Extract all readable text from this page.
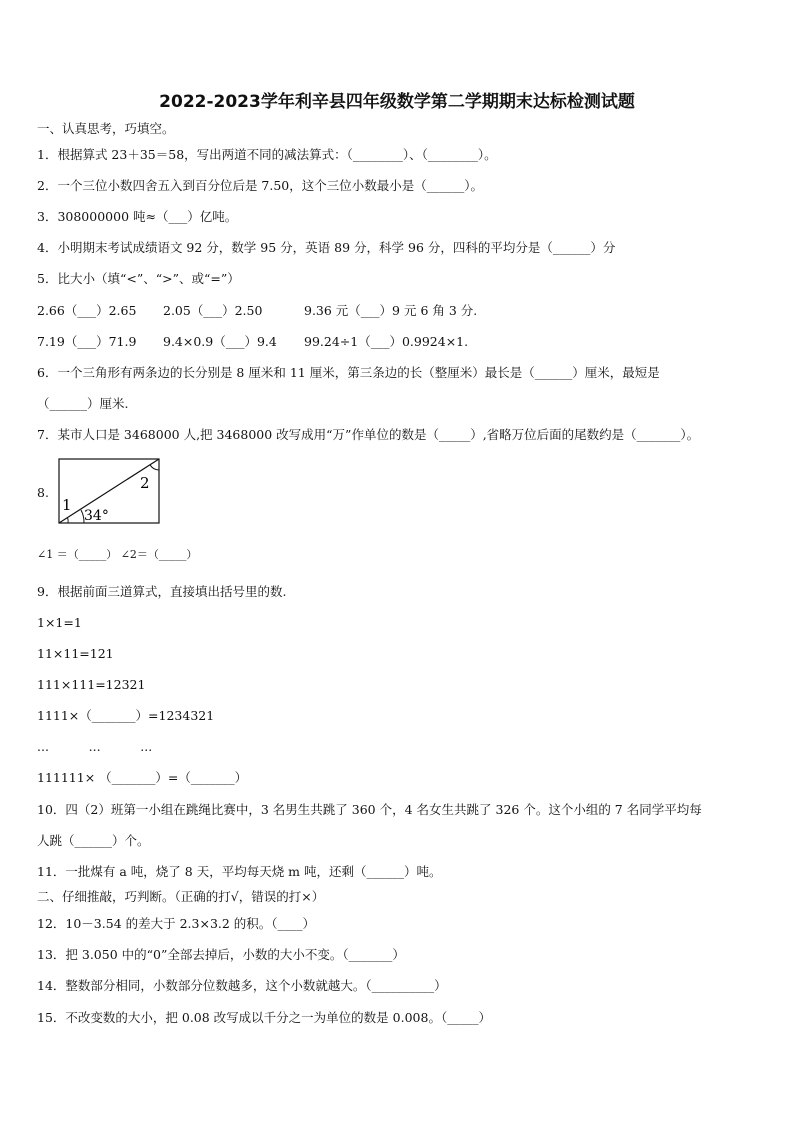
2022-2023学年利辛县四年级数学第二学期期末达标检测试题
一、认真思考，巧填空。
1．根据算式 23＋35＝58，写出两道不同的减法算式：（________）、（________）。
2．一个三位小数四舍五入到百分位后是 7.50，这个三位小数最小是（______）。
3．308000000 吨≈（___）亿吨。
4．小明期末考试成绩语文 92 分，数学 95 分，英语 89 分，科学 96 分，四科的平均分是（______）分
5．比大小（填“<”、“>”、或“=”）
2.66（___）2.65 2.05（___）2.50	9.36 元（___）9 元 6 角 3 分.
7.19（___）71.9 9.4×0.9（___）9.4 99.24÷1（___）0.9924×1.
6．一个三角形有两条边的长分别是 8 厘米和 11 厘米，第三条边的长（整厘米）最长是（______）厘米，最短是
（______）厘米.
7．某市人口是 3468000 人,把 3468000 改写成用“万”作单位的数是（_____）,省略万位后面的尾数约是（_______）。
8.
1
2
34°
∠1 ＝（_____） ∠2＝（_____）
9．根据前面三道算式，直接填出括号里的数.
1×1=1
11×11=121
111×111=12321
1111×（_______）=1234321
...          ...          ...
111111× （_______）=（_______）
10．四（2）班第一小组在跳绳比赛中，3 名男生共跳了 360 个，4 名女生共跳了 326 个。这个小组的 7 名同学平均每
人跳（______）个。
11．一批煤有 a 吨，烧了 8 天，平均每天烧 m 吨，还剩（______）吨。
二、仔细推敲，巧判断。（正确的打√，错误的打×）
12．10－3.54 的差大于 2.3×3.2 的积。（____）
13．把 3.050 中的“0”全部去掉后，小数的大小不变。（_______）
14．整数部分相同，小数部分位数越多，这个小数就越大。（__________）
15．不改变数的大小，把 0.08 改写成以千分之一为单位的数是 0.008。（_____）
